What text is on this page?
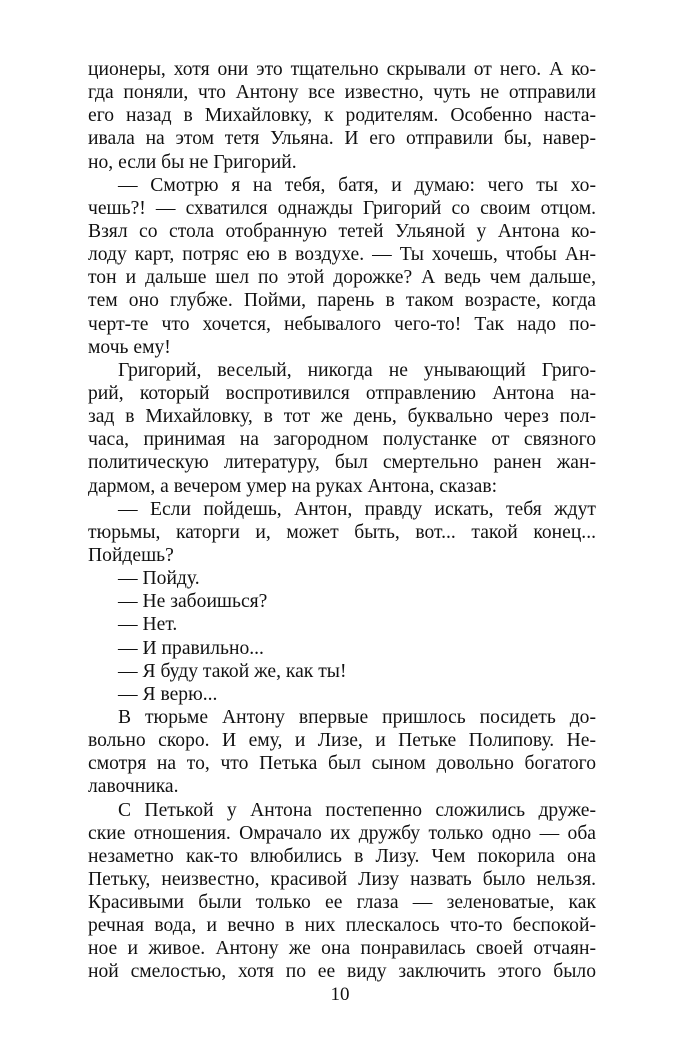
ционеры, хотя они это тщательно скрывали от него. А ко-
гда поняли, что Антону все известно, чуть не отправили
его назад в Михайловку, к родителям. Особенно наста-
ивала на этом тетя Ульяна. И его отправили бы, навер-
но, если бы не Григорий.
— Смотрю я на тебя, батя, и думаю: чего ты хо-
чешь?! — схватился однажды Григорий со своим отцом.
Взял со стола отобранную тетей Ульяной у Антона ко-
лоду карт, потряс ею в воздухе. — Ты хочешь, чтобы Ан-
тон и дальше шел по этой дорожке? А ведь чем дальше,
тем оно глубже. Пойми, парень в таком возрасте, когда
черт-те что хочется, небывалого чего-то! Так надо по-
мочь ему!
Григорий, веселый, никогда не унывающий Григо-
рий, который воспротивился отправлению Антона на-
зад в Михайловку, в тот же день, буквально через пол-
часа, принимая на загородном полустанке от связного
политическую литературу, был смертельно ранен жан-
дармом, а вечером умер на руках Антона, сказав:
— Если пойдешь, Антон, правду искать, тебя ждут
тюрьмы, каторги и, может быть, вот... такой конец...
Пойдешь?
— Пойду.
— Не забоишься?
— Нет.
— И правильно...
— Я буду такой же, как ты!
— Я верю...
В тюрьме Антону впервые пришлось посидеть до-
вольно скоро. И ему, и Лизе, и Петьке Полипову. Не-
смотря на то, что Петька был сыном довольно богатого
лавочника.
С Петькой у Антона постепенно сложились друже-
ские отношения. Омрачало их дружбу только одно — оба
незаметно как-то влюбились в Лизу. Чем покорила она
Петьку, неизвестно, красивой Лизу назвать было нельзя.
Красивыми были только ее глаза — зеленоватые, как
речная вода, и вечно в них плескалось что-то беспокой-
ное и живое. Антону же она понравилась своей отчаян-
ной смелостью, хотя по ее виду заключить этого было
10
